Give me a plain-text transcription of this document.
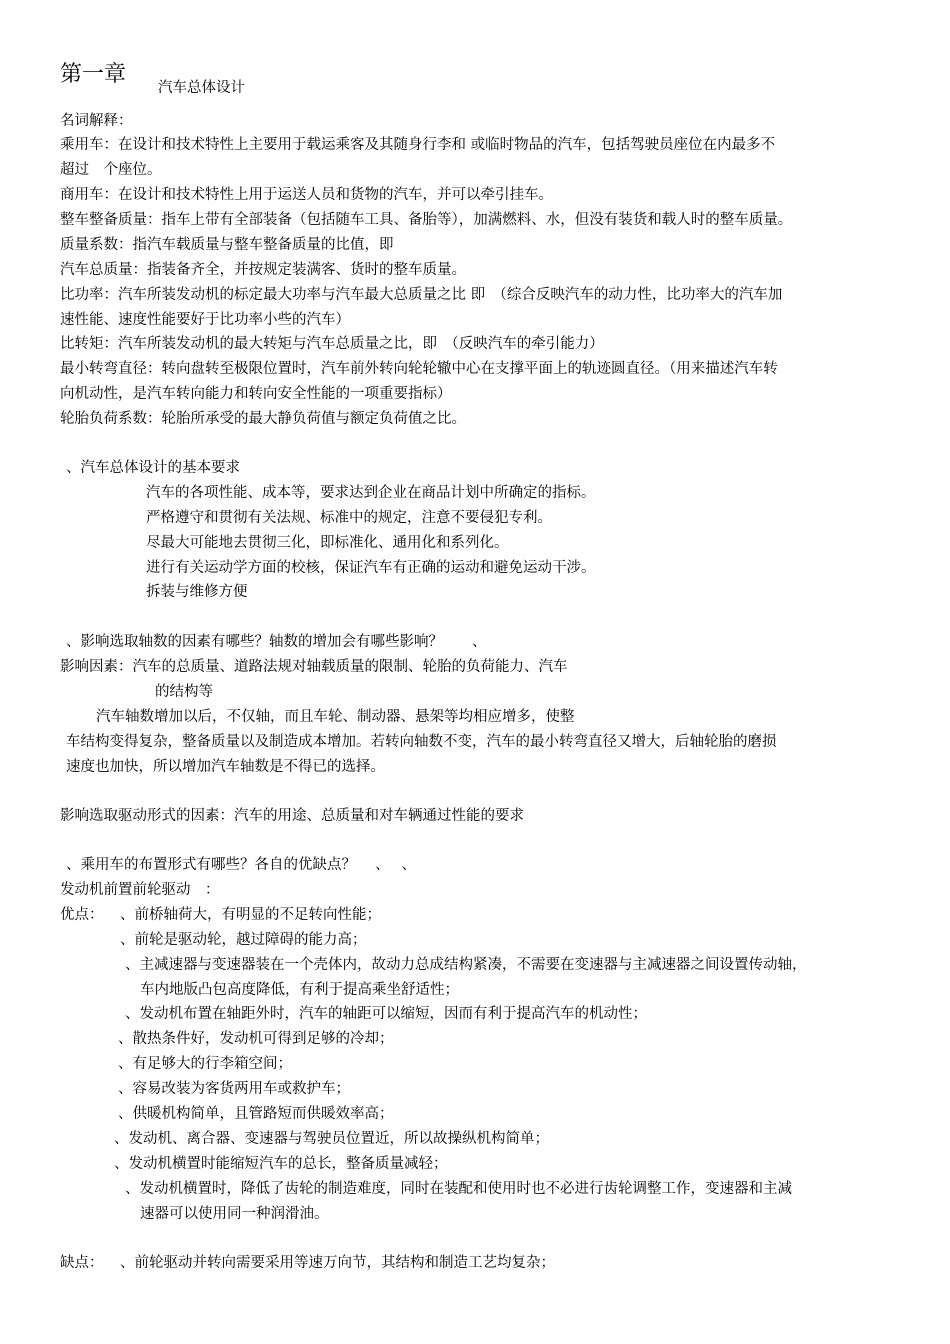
第一章
汽车总体设计
名词解释：
乘用车：在设计和技术特性上主要用于载运乘客及其随身行李和 或临时物品的汽车，包括驾驶员座位在内最多不
超过　个座位。
商用车：在设计和技术特性上用于运送人员和货物的汽车，并可以牵引挂车。
整车整备质量：指车上带有全部装备（包括随车工具、备胎等），加满燃料、水，但没有装货和载人时的整车质量。
质量系数：指汽车载质量与整车整备质量的比值，即
汽车总质量：指装备齐全，并按规定装满客、货时的整车质量。
比功率：汽车所装发动机的标定最大功率与汽车最大总质量之比 即　（综合反映汽车的动力性，比功率大的汽车加
速性能、速度性能要好于比功率小些的汽车）
比转矩：汽车所装发动机的最大转矩与汽车总质量之比，即　（反映汽车的牵引能力）
最小转弯直径：转向盘转至极限位置时，汽车前外转向轮轮辙中心在支撑平面上的轨迹圆直径。（用来描述汽车转
向机动性，是汽车转向能力和转向安全性能的一项重要指标）
轮胎负荷系数：轮胎所承受的最大静负荷值与额定负荷值之比。
、汽车总体设计的基本要求
汽车的各项性能、成本等，要求达到企业在商品计划中所确定的指标。
严格遵守和贯彻有关法规、标准中的规定，注意不要侵犯专利。
尽最大可能地去贯彻三化，即标准化、通用化和系列化。
进行有关运动学方面的校核，保证汽车有正确的运动和避免运动干涉。
拆装与维修方便
、影响选取轴数的因素有哪些？轴数的增加会有哪些影响？　　、
影响因素：汽车的总质量、道路法规对轴载质量的限制、轮胎的负荷能力、汽车
的结构等
汽车轴数增加以后，不仅轴，而且车轮、制动器、悬架等均相应增多，使整
车结构变得复杂，整备质量以及制造成本增加。若转向轴数不变，汽车的最小转弯直径又增大，后轴轮胎的磨损
速度也加快，所以增加汽车轴数是不得已的选择。
影响选取驱动形式的因素：汽车的用途、总质量和对车辆通过性能的要求
、乘用车的布置形式有哪些？各自的优缺点？　 、　 、
发动机前置前轮驱动　：
优点： 、前桥轴荷大，有明显的不足转向性能；
、前轮是驱动轮，越过障碍的能力高；
、主减速器与变速器装在一个壳体内，故动力总成结构紧凑，不需要在变速器与主减速器之间设置传动轴，
车内地版凸包高度降低，有利于提高乘坐舒适性；
、发动机布置在轴距外时，汽车的轴距可以缩短，因而有利于提高汽车的机动性；
、散热条件好，发动机可得到足够的冷却；
、有足够大的行李箱空间；
、容易改装为客货两用车或救护车；
、供暖机构简单，且管路短而供暖效率高；
、发动机、离合器、变速器与驾驶员位置近，所以故操纵机构简单；
、发动机横置时能缩短汽车的总长，整备质量减轻；
、发动机横置时，降低了齿轮的制造难度，同时在装配和使用时也不必进行齿轮调整工作，变速器和主减
速器可以使用同一种润滑油。
缺点： 、前轮驱动并转向需要采用等速万向节，其结构和制造工艺均复杂；
